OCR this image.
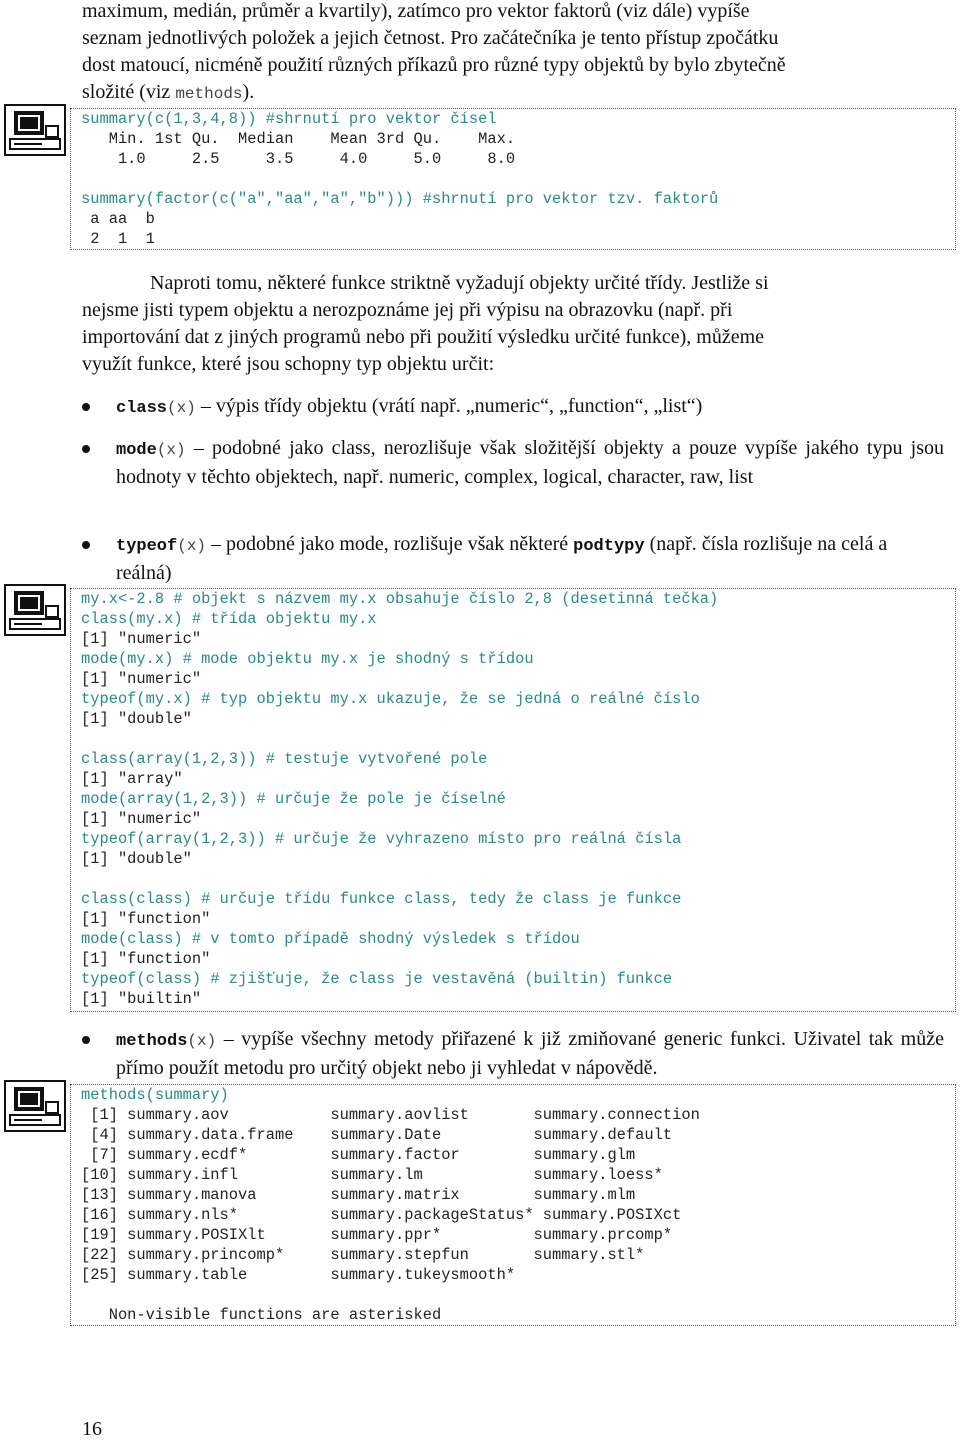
maximum, medián, průměr a kvartily), zatímco pro vektor faktorů (viz dále) vypíše
seznam jednotlivých položek a jejich četnost. Pro začátečníka je tento přístup zpočátku
dost matoucí, nicméně použití různých příkazů pro různé typy objektů by bylo zbytečně
složité (viz methods).
summary(c(1,3,4,8)) #shrnutí pro vektor čísel
Min. 1st Qu.  Median    Mean 3rd Qu.    Max.
1.0     2.5     3.5     4.0     5.0     8.0
summary(factor(c("a","aa","a","b"))) #shrnutí pro vektor tzv. faktorů
a aa  b
2  1  1
Naproti tomu, některé funkce striktně vyžadují objekty určité třídy. Jestliže si
nejsme jisti typem objektu a nerozpoznáme jej při výpisu na obrazovku (např. při
importování dat z jiných programů nebo při použití výsledku určité funkce), můžeme
využít funkce, které jsou schopny typ objektu určit:
class(x) – výpis třídy objektu (vrátí např. „numeric“, „function“, „list“)
mode(x) – podobné jako class, nerozlišuje však složitější objekty a pouze vypíše jakého typu jsou hodnoty v těchto objektech, např. numeric, complex, logical, character, raw, list
typeof(x) – podobné jako mode, rozlišuje však některé podtypy (např. čísla rozlišuje na celá a reálná)
my.x<-2.8 # objekt s názvem my.x obsahuje číslo 2,8 (desetinná tečka)
class(my.x) # třída objektu my.x
[1] "numeric"
mode(my.x) # mode objektu my.x je shodný s třídou
[1] "numeric"
typeof(my.x) # typ objektu my.x ukazuje, že se jedná o reálné číslo
[1] "double"
class(array(1,2,3)) # testuje vytvořené pole
[1] "array"
mode(array(1,2,3)) # určuje že pole je číselné
[1] "numeric"
typeof(array(1,2,3)) # určuje že vyhrazeno místo pro reálná čísla
[1] "double"
class(class) # určuje třídu funkce class, tedy že class je funkce
[1] "function"
mode(class) # v tomto případě shodný výsledek s třídou
[1] "function"
typeof(class) # zjišťuje, že class je vestavěná (builtin) funkce
[1] "builtin"
methods(x) – vypíše všechny metody přiřazené k již zmiňované generic funkci. Uživatel tak může přímo použít metodu pro určitý objekt nebo ji vyhledat v nápovědě.
methods(summary)
[1] summary.aov           summary.aovlist       summary.connection
[4] summary.data.frame    summary.Date          summary.default
[7] summary.ecdf*         summary.factor        summary.glm
[10] summary.infl          summary.lm            summary.loess*
[13] summary.manova        summary.matrix        summary.mlm
[16] summary.nls*          summary.packageStatus* summary.POSIXct
[19] summary.POSIXlt       summary.ppr*          summary.prcomp*
[22] summary.princomp*     summary.stepfun       summary.stl*
[25] summary.table         summary.tukeysmooth*
Non-visible functions are asterisked
16
